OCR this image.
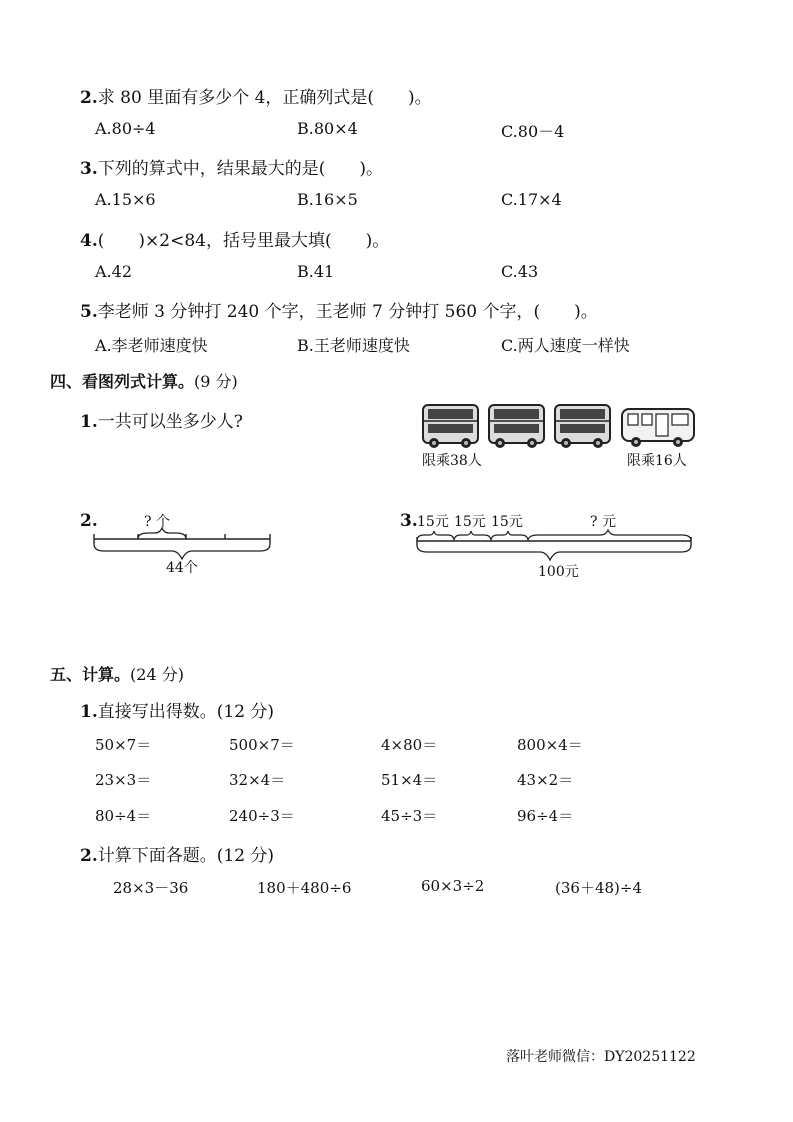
2.求 80 里面有多少个 4，正确列式是(　　)。
A.80÷4	B.80×4	C.80－4
3.下列的算式中，结果最大的是(　　)。
A.15×6	B.16×5	C.17×4
4.(　　)×2<84，括号里最大填(　　)。
A.42	B.41	C.43
5.李老师 3 分钟打 240 个字，王老师 7 分钟打 560 个字，(　　)。
A.李老师速度快	B.王老师速度快	C.两人速度一样快
四、看图列式计算。(9 分)
1.一共可以坐多少人?
限乘38人	限乘16人
2.	? 个
44个
3. 15元 15元 15元	? 元
100元
五、计算。(24 分)
1.直接写出得数。(12 分)
50×7＝	500×7＝	4×80＝	800×4＝
23×3＝	32×4＝	51×4＝	43×2＝
80÷4＝	240÷3＝	45÷3＝	96÷4＝
2.计算下面各题。(12 分)
28×3－36	180＋480÷6	60×3÷2	(36＋48)÷4
落叶老师微信：DY20251122
